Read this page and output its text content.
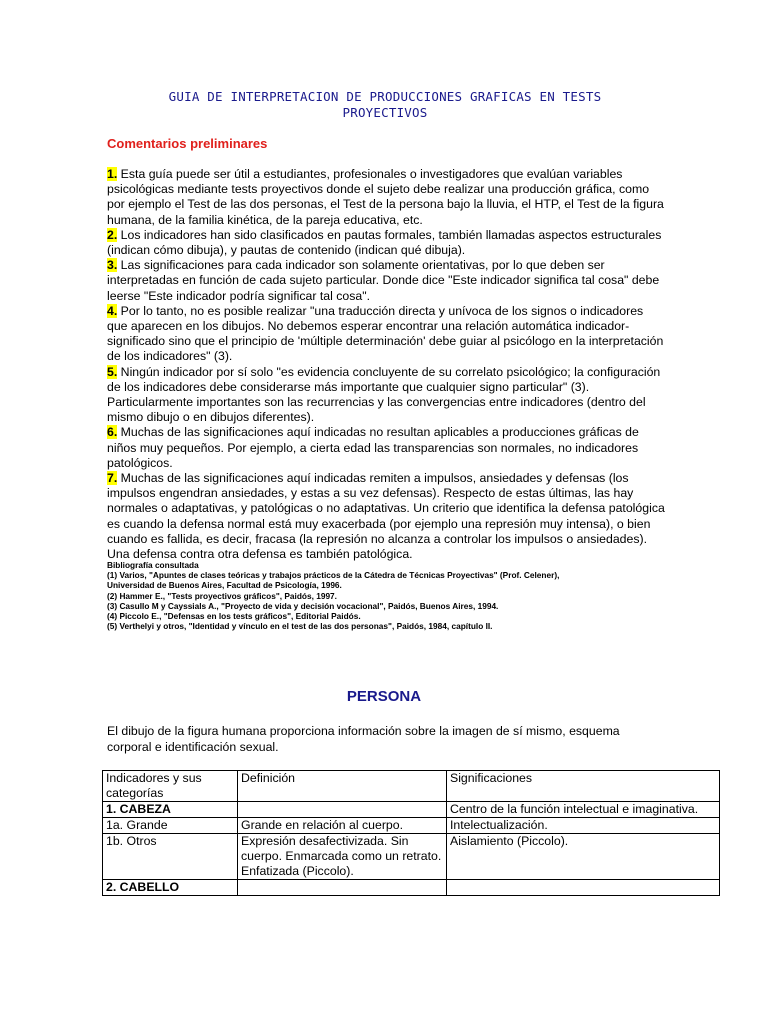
GUIA DE INTERPRETACION DE PRODUCCIONES GRAFICAS EN TESTS
PROYECTIVOS
Comentarios preliminares

1. Esta guía puede ser útil a estudiantes, profesionales o investigadores que evalúan variables psicológicas mediante tests proyectivos donde el sujeto debe realizar una producción gráfica, como por ejemplo el Test de las dos personas, el Test de la persona bajo la lluvia, el HTP, el Test de la figura humana, de la familia kinética, de la pareja educativa, etc.

2. Los indicadores han sido clasificados en pautas formales, también llamadas aspectos estructurales (indican cómo dibuja), y pautas de contenido (indican qué dibuja).

3. Las significaciones para cada indicador son solamente orientativas, por lo que deben ser interpretadas en función de cada sujeto particular. Donde dice "Este indicador significa tal cosa" debe leerse "Este indicador podría significar tal cosa".

4. Por lo tanto, no es posible realizar "una traducción directa y unívoca de los signos o indicadores que aparecen en los dibujos. No debemos esperar encontrar una relación automática indicador-significado sino que el principio de 'múltiple determinación' debe guiar al psicólogo en la interpretación de los indicadores" (3).

5. Ningún indicador por sí solo "es evidencia concluyente de su correlato psicológico; la configuración de los indicadores debe considerarse más importante que cualquier signo particular" (3). Particularmente importantes son las recurrencias y las convergencias entre indicadores (dentro del mismo dibujo o en dibujos diferentes).

6. Muchas de las significaciones aquí indicadas no resultan aplicables a producciones gráficas de niños muy pequeños. Por ejemplo, a cierta edad las transparencias son normales, no indicadores patológicos.

7. Muchas de las significaciones aquí indicadas remiten a impulsos, ansiedades y defensas (los impulsos engendran ansiedades, y estas a su vez defensas). Respecto de estas últimas, las hay normales o adaptativas, y patológicas o no adaptativas. Un criterio que identifica la defensa patológica es cuando la defensa normal está muy exacerbada (por ejemplo una represión muy intensa), o bien cuando es fallida, es decir, fracasa (la represión no alcanza a controlar los impulsos o ansiedades). Una defensa contra otra defensa es también patológica.

Bibliografía consultada
(1) Varios, "Apuntes de clases teóricas y trabajos prácticos de la Cátedra de Técnicas Proyectivas" (Prof. Celener),
Universidad de Buenos Aires, Facultad de Psicología, 1996.
(2) Hammer E., "Tests proyectivos gráficos", Paidós, 1997.
(3) Casullo M y Cayssials A., "Proyecto de vida y decisión vocacional", Paidós, Buenos Aires, 1994.
(4) Piccolo E., "Defensas en los tests gráficos", Editorial Paidós.
(5) Verthelyi y otros, "Identidad y vínculo en el test de las dos personas", Paidós, 1984, capítulo II.
PERSONA
El dibujo de la figura humana proporciona información sobre la imagen de sí mismo, esquema corporal e identificación sexual.
Indicadores y sus categorías	Definición	Significaciones
1. CABEZA		Centro de la función intelectual e imaginativa.
1a. Grande	Grande en relación al cuerpo.	Intelectualización.
1b. Otros	Expresión desafectivizada. Sin cuerpo. Enmarcada como un retrato. Enfatizada (Piccolo).	Aislamiento (Piccolo).
2. CABELLO		
